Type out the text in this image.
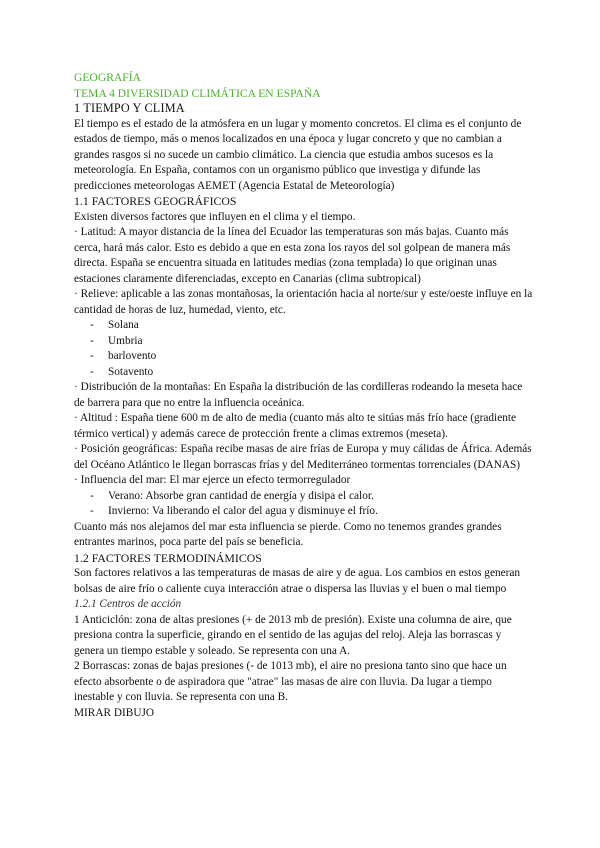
GEOGRAFÍA
TEMA 4 DIVERSIDAD CLIMÁTICA EN ESPAÑA
1 TIEMPO Y CLIMA

El tiempo es el estado de la atmósfera en un lugar y momento concretos. El clima es el conjunto de estados de tiempo, más o menos localizados en una época y lugar concreto y que no cambian a grandes rasgos si no sucede un cambio climático. La ciencia que estudia ambos sucesos es la meteorología. En España, contamos con un organismo público que investiga y difunde las predicciones meteorologas AEMET (Agencia Estatal de Meteorología)

1.1 FACTORES GEOGRÁFICOS

Existen diversos factores que influyen en el clima y el tiempo.

· Latitud: A mayor distancia de la línea del Ecuador las temperaturas son más bajas. Cuanto más cerca, hará más calor. Esto es debido a que en esta zona los rayos del sol golpean de manera más directa. España se encuentra situada en latitudes medias (zona templada) lo que originan unas estaciones claramente diferenciadas, excepto en Canarias (clima subtropical)

· Relieve: aplicable a las zonas montañosas, la orientación hacia al norte/sur y este/oeste influye en la cantidad de horas de luz, humedad, viento, etc.

- Solana
- Umbria
- barlovento
- Sotavento

· Distribución de la montañas: En España la distribución de las cordilleras rodeando la meseta hace de barrera para que no entre la influencia oceánica.

· Altitud : España tiene 600 m de alto de media (cuanto más alto te sitúas más frío hace (gradiente térmico vertical) y además carece de protección frente a climas extremos (meseta).

· Posición geográficas: España recibe masas de aire frías de Europa y muy cálidas de África. Además del Océano Atlántico le llegan borrascas frías y del Mediterráneo tormentas torrenciales (DANAS)

· Influencia del mar: El mar ejerce un efecto termorregulador

- Verano: Absorbe gran cantidad de energía y disipa el calor.
- Invierno: Va liberando el calor del agua y disminuye el frío.

Cuanto más nos alejamos del mar esta influencia se pierde. Como no tenemos grandes grandes entrantes marinos, poca parte del país se beneficia.

1.2 FACTORES TERMODINÁMICOS

Son factores relativos a las temperaturas de masas de aire y de agua. Los cambios en estos generan bolsas de aire frío o caliente cuya interacción atrae o dispersa las lluvias y el buen o mal tiempo

1.2.1 Centros de acción

1 Anticiclón: zona de altas presiones (+ de 2013 mb de presión). Existe una columna de aire, que presiona contra la superficie, girando en el sentido de las agujas del reloj. Aleja las borrascas y genera un tiempo estable y soleado. Se representa con una A.

2 Borrascas: zonas de bajas presiones (- de 1013 mb), el aire no presiona tanto sino que hace un efecto absorbente o de aspiradora que "atrae" las masas de aire con lluvia. Da lugar a tiempo inestable y con lluvia. Se representa con una B.

MIRAR DIBUJO
